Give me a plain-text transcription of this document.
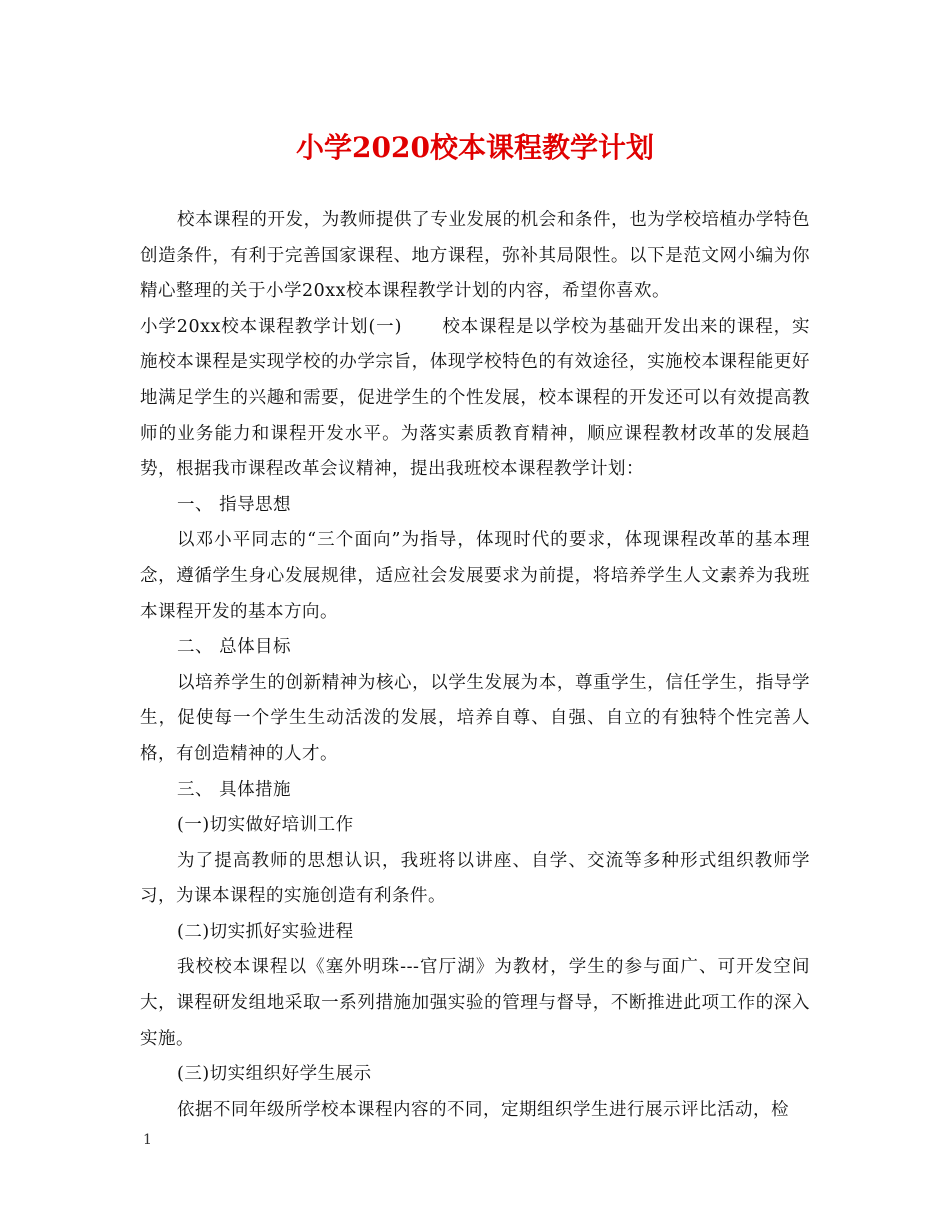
小学2020校本课程教学计划

校本课程的开发，为教师提供了专业发展的机会和条件，也为学校培植办学特色创造条件，有利于完善国家课程、地方课程，弥补其局限性。以下是范文网小编为你精心整理的关于小学20xx校本课程教学计划的内容，希望你喜欢。

小学20xx校本课程教学计划(一) 校本课程是以学校为基础开发出来的课程，实施校本课程是实现学校的办学宗旨，体现学校特色的有效途径，实施校本课程能更好地满足学生的兴趣和需要，促进学生的个性发展，校本课程的开发还可以有效提高教师的业务能力和课程开发水平。为落实素质教育精神，顺应课程教材改革的发展趋势，根据我市课程改革会议精神，提出我班校本课程教学计划：

一、 指导思想

以邓小平同志的“三个面向”为指导，体现时代的要求，体现课程改革的基本理念，遵循学生身心发展规律，适应社会发展要求为前提，将培养学生人文素养为我班本课程开发的基本方向。

二、 总体目标

以培养学生的创新精神为核心，以学生发展为本，尊重学生，信任学生，指导学生，促使每一个学生生动活泼的发展，培养自尊、自强、自立的有独特个性完善人格，有创造精神的人才。

三、 具体措施

(一)切实做好培训工作

为了提高教师的思想认识，我班将以讲座、自学、交流等多种形式组织教师学习，为课本课程的实施创造有利条件。

(二)切实抓好实验进程

我校校本课程以《塞外明珠---官厅湖》为教材，学生的参与面广、可开发空间大，课程研发组地采取一系列措施加强实验的管理与督导，不断推进此项工作的深入实施。

(三)切实组织好学生展示

依据不同年级所学校本课程内容的不同，定期组织学生进行展示评比活动，检

1
